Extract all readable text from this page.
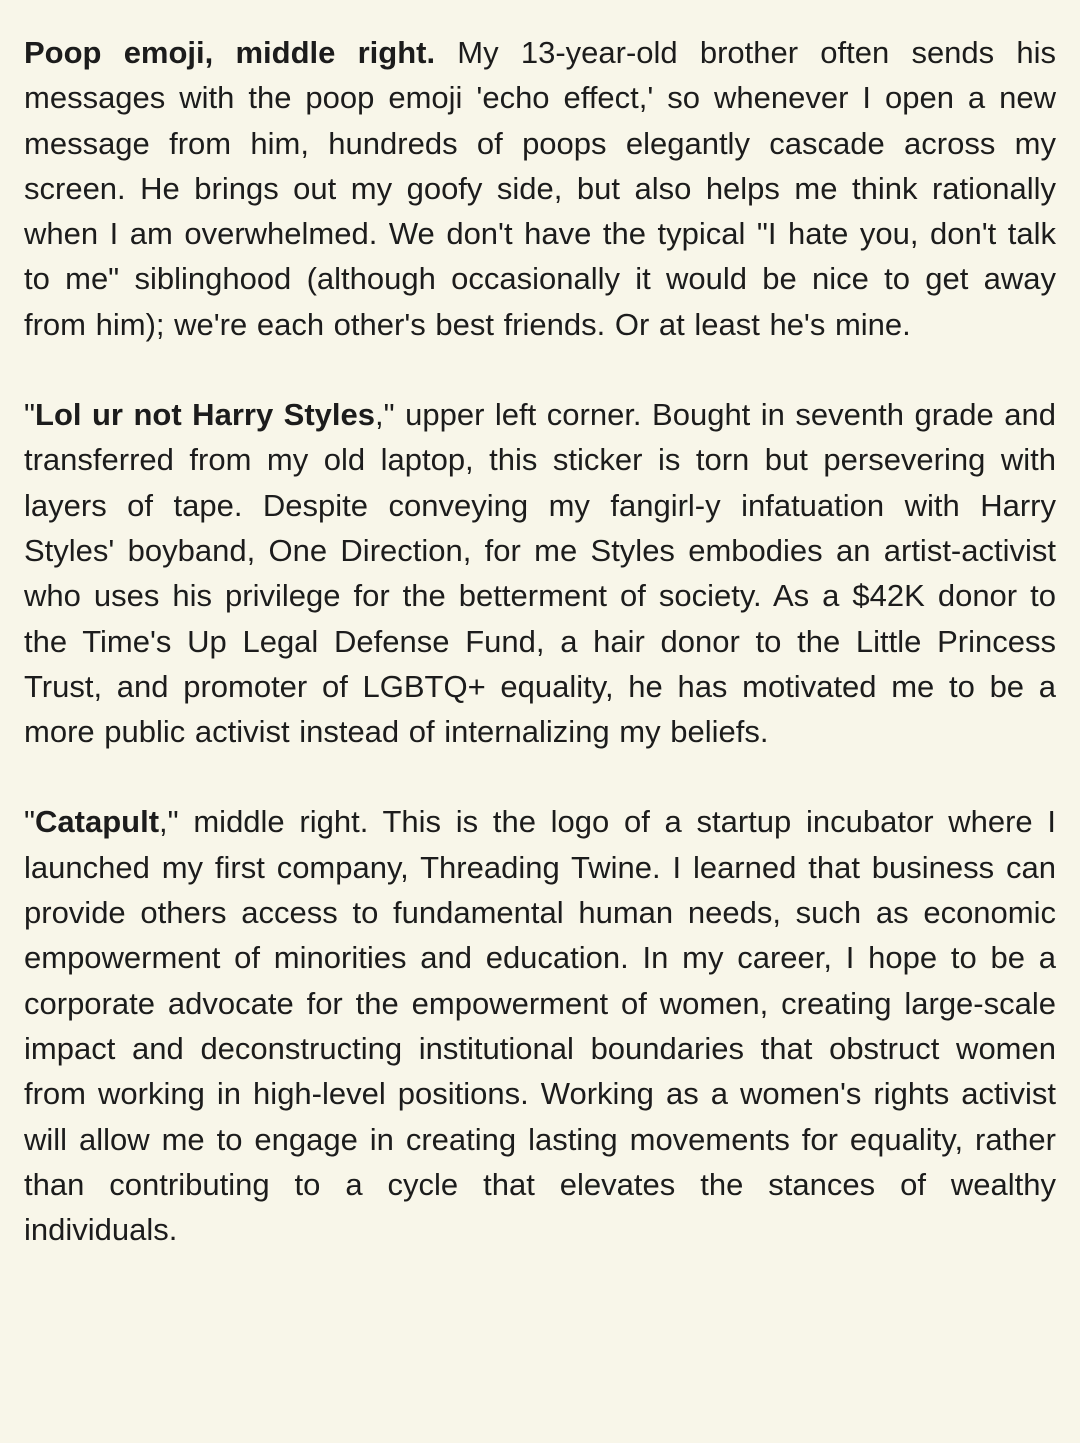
Poop emoji, middle right. My 13-year-old brother often sends his messages with the poop emoji 'echo effect,' so whenever I open a new message from him, hundreds of poops elegantly cascade across my screen. He brings out my goofy side, but also helps me think rationally when I am overwhelmed. We don't have the typical "I hate you, don't talk to me" siblinghood (although occasionally it would be nice to get away from him); we're each other's best friends. Or at least he's mine.

"Lol ur not Harry Styles," upper left corner. Bought in seventh grade and transferred from my old laptop, this sticker is torn but persevering with layers of tape. Despite conveying my fangirl-y infatuation with Harry Styles' boyband, One Direction, for me Styles embodies an artist-activist who uses his privilege for the betterment of society. As a $42K donor to the Time's Up Legal Defense Fund, a hair donor to the Little Princess Trust, and promoter of LGBTQ+ equality, he has motivated me to be a more public activist instead of internalizing my beliefs.

"Catapult," middle right. This is the logo of a startup incubator where I launched my first company, Threading Twine. I learned that business can provide others access to fundamental human needs, such as economic empowerment of minorities and education. In my career, I hope to be a corporate advocate for the empowerment of women, creating large-scale impact and deconstructing institutional boundaries that obstruct women from working in high-level positions. Working as a women's rights activist will allow me to engage in creating lasting movements for equality, rather than contributing to a cycle that elevates the stances of wealthy individuals.
